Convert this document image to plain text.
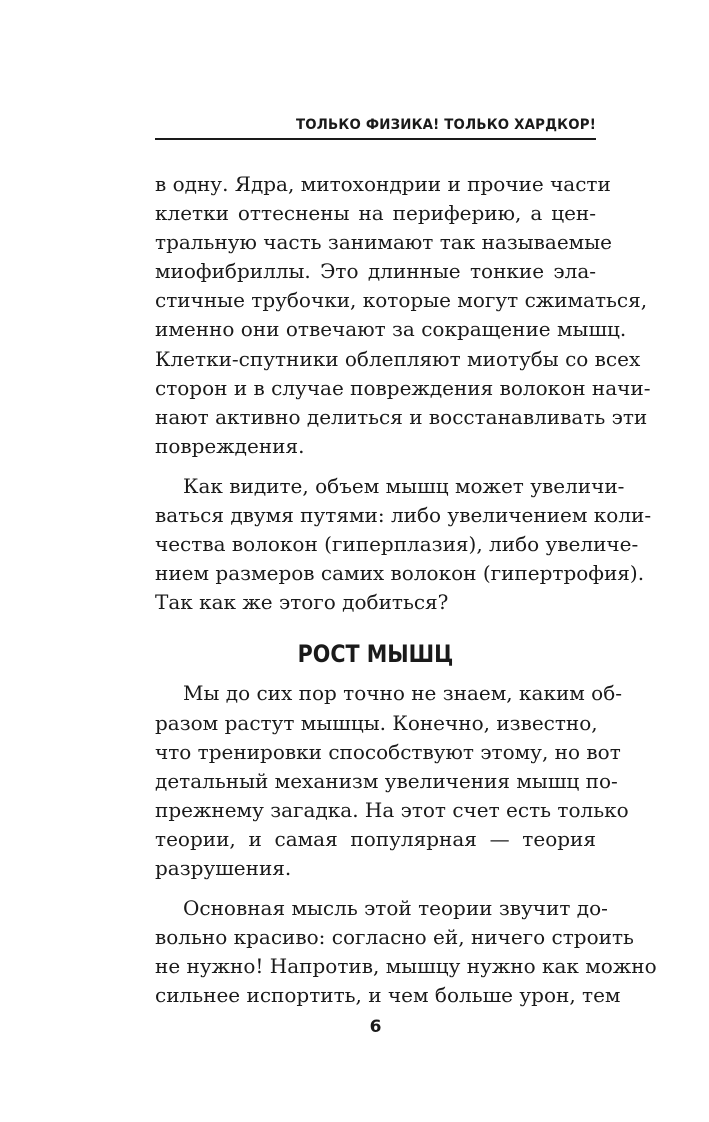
ТОЛЬКО ФИЗИКА! ТОЛЬКО ХАРДКОР!
в одну. Ядра, митохондрии и прочие части
клетки оттеснены на периферию, а цен-
тральную часть занимают так называемые
миофибриллы. Это длинные тонкие эла-
стичные трубочки, которые могут сжиматься,
именно они отвечают за сокращение мышц.
Клетки-спутники облепляют миотубы со всех
сторон и в случае повреждения волокон начи-
нают активно делиться и восстанавливать эти
повреждения.
Как видите, объем мышц может увеличи-
ваться двумя путями: либо увеличением коли-
чества волокон (гиперплазия), либо увеличе-
нием размеров самих волокон (гипертрофия).
Так как же этого добиться?
РОСТ МЫШЦ
Мы до сих пор точно не знаем, каким об-
разом растут мышцы. Конечно, известно,
что тренировки способствуют этому, но вот
детальный механизм увеличения мышц по-
прежнему загадка. На этот счет есть только
теории, и самая популярная — теория
разрушения.
Основная мысль этой теории звучит до-
вольно красиво: согласно ей, ничего строить
не нужно! Напротив, мышцу нужно как можно
сильнее испортить, и чем больше урон, тем
6
